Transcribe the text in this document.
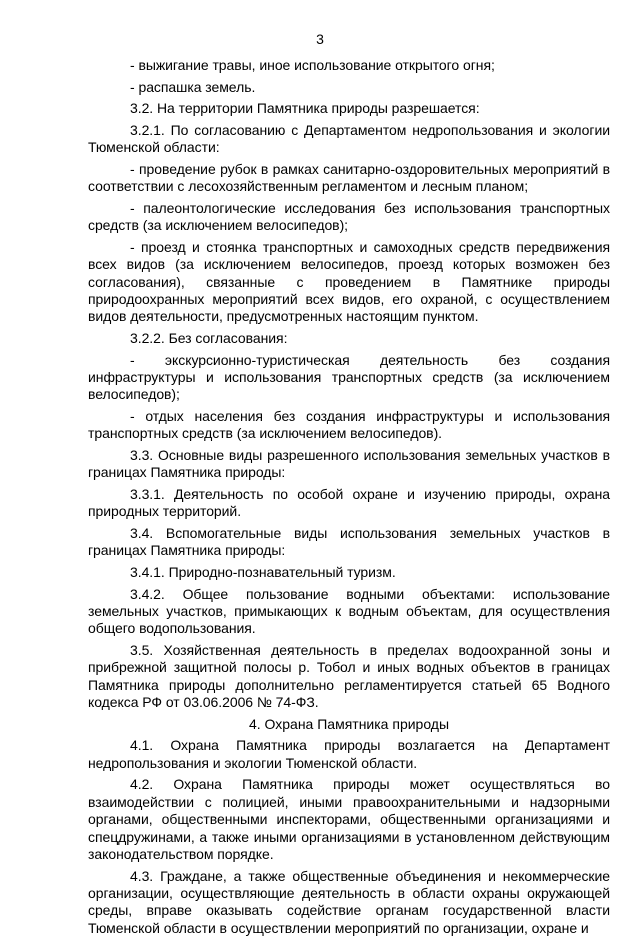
3

- выжигание травы, иное использование открытого огня;

- распашка земель.

3.2. На территории Памятника природы разрешается:

3.2.1. По согласованию с Департаментом недропользования и экологии Тюменской области:

- проведение рубок в рамках санитарно-оздоровительных мероприятий в соответствии с лесохозяйственным регламентом и лесным планом;

- палеонтологические исследования без использования транспортных средств (за исключением велосипедов);

- проезд и стоянка транспортных и самоходных средств передвижения всех видов (за исключением велосипедов, проезд которых возможен без согласования), связанные с проведением в Памятнике природы природоохранных мероприятий всех видов, его охраной, с осуществлением видов деятельности, предусмотренных настоящим пунктом.

3.2.2. Без согласования:

- экскурсионно-туристическая деятельность без создания инфраструктуры и использования транспортных средств (за исключением велосипедов);

- отдых населения без создания инфраструктуры и использования транспортных средств (за исключением велосипедов).

3.3. Основные виды разрешенного использования земельных участков в границах Памятника природы:

3.3.1. Деятельность по особой охране и изучению природы, охрана природных территорий.

3.4. Вспомогательные виды использования земельных участков в границах Памятника природы:

3.4.1. Природно-познавательный туризм.

3.4.2. Общее пользование водными объектами: использование земельных участков, примыкающих к водным объектам, для осуществления общего водопользования.

3.5. Хозяйственная деятельность в пределах водоохранной зоны и прибрежной защитной полосы р. Тобол и иных водных объектов в границах Памятника природы дополнительно регламентируется статьей 65 Водного кодекса РФ от 03.06.2006 № 74-ФЗ.

4. Охрана Памятника природы

4.1. Охрана Памятника природы возлагается на Департамент недропользования и экологии Тюменской области.

4.2. Охрана Памятника природы может осуществляться во взаимодействии с полицией, иными правоохранительными и надзорными органами, общественными инспекторами, общественными организациями и спецдружинами, а также иными организациями в установленном действующим законодательством порядке.

4.3. Граждане, а также общественные объединения и некоммерческие организации, осуществляющие деятельность в области охраны окружающей среды, вправе оказывать содействие органам государственной власти Тюменской области в осуществлении мероприятий по организации, охране и
